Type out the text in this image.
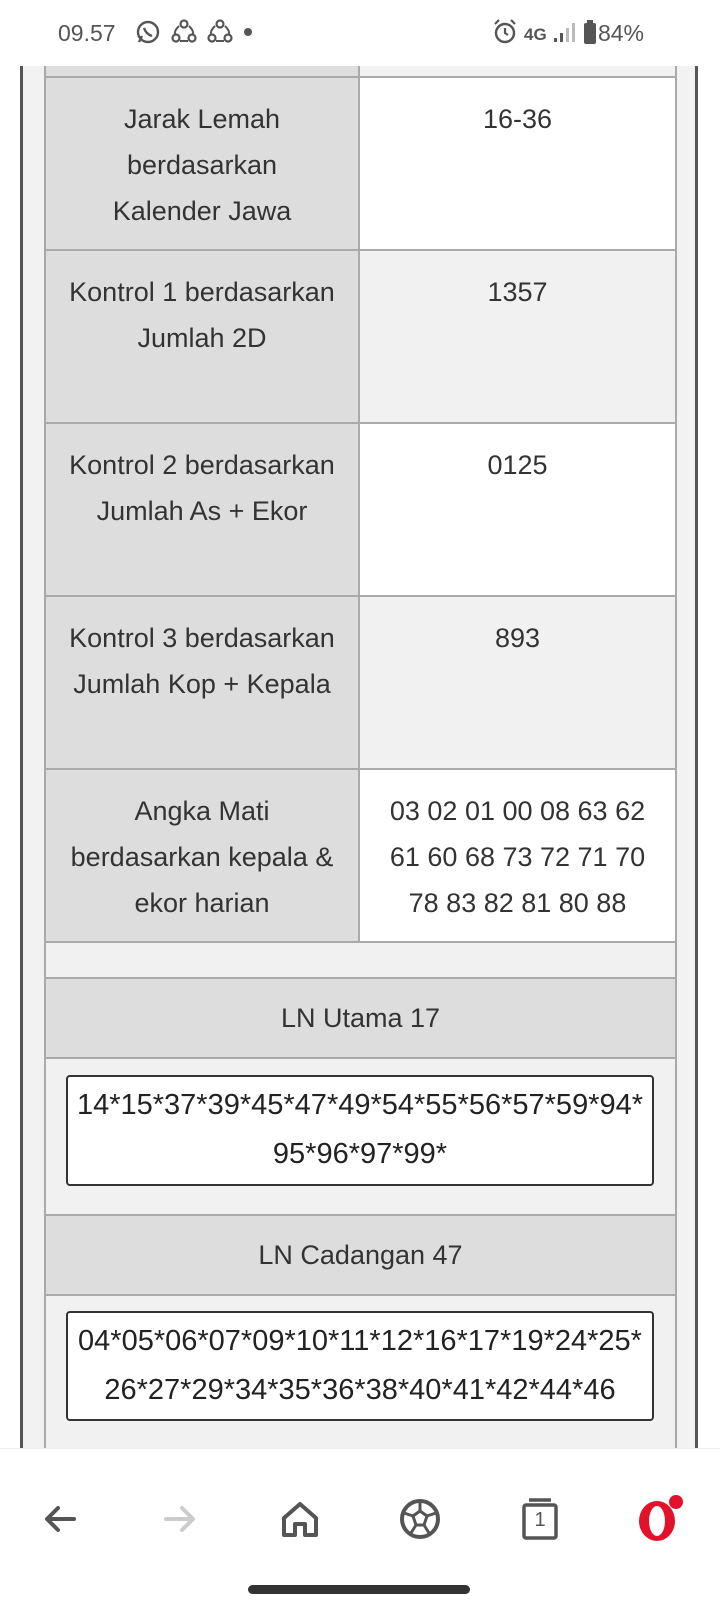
09.57	4G 84%
Jarak Lemah berdasarkan Kalender Jawa
16-36
Kontrol 1 berdasarkan Jumlah 2D
1357
Kontrol 2 berdasarkan Jumlah As + Ekor
0125
Kontrol 3 berdasarkan Jumlah Kop + Kepala
893
Angka Mati berdasarkan kepala & ekor harian
03 02 01 00 08 63 62 61 60 68 73 72 71 70 78 83 82 81 80 88
LN Utama 17
14*15*37*39*45*47*49*54*55*56*57*59*94*95*96*97*99*
LN Cadangan 47
04*05*06*07*09*10*11*12*16*17*19*24*25*26*27*29*34*35*36*38*40*41*42*44*46
1
